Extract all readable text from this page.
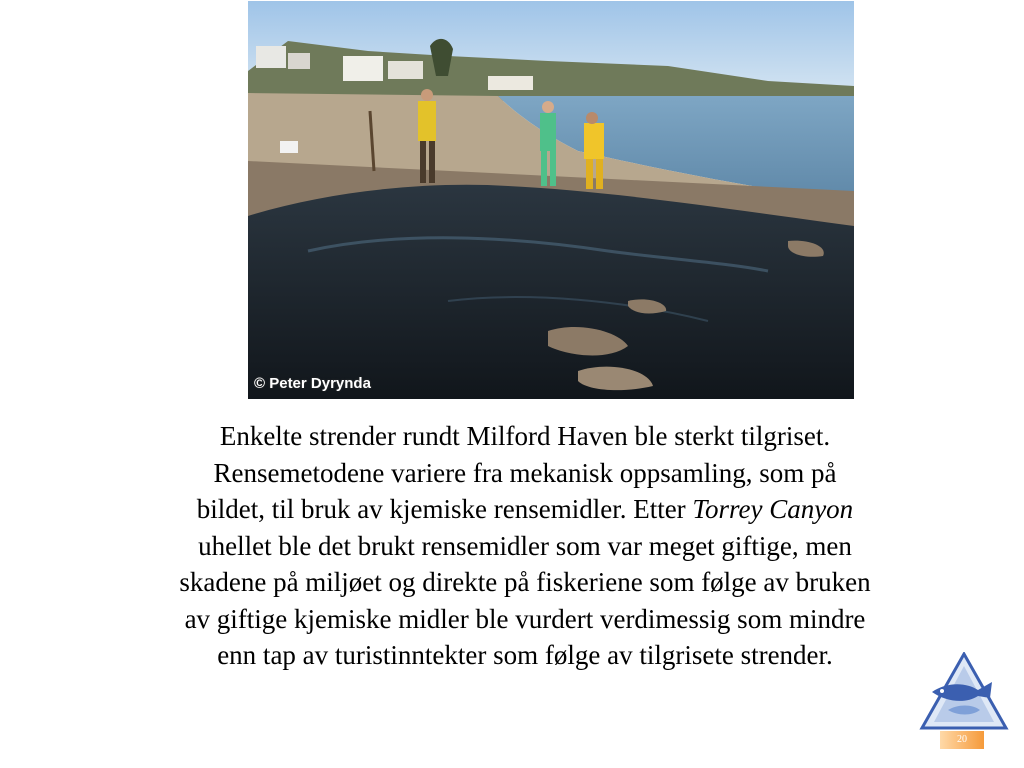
© Peter Dyrynda
Enkelte strender rundt Milford Haven ble sterkt tilgriset.
Rensemetodene variere fra mekanisk oppsamling, som på
bildet, til bruk av kjemiske rensemidler. Etter Torrey Canyon
uhellet ble det brukt rensemidler som var meget giftige, men
skadene på miljøet og direkte på fiskeriene som følge av bruken
av giftige kjemiske midler ble vurdert verdimessig som mindre
enn tap av turistinntekter som følge av tilgrisete strender.
20
